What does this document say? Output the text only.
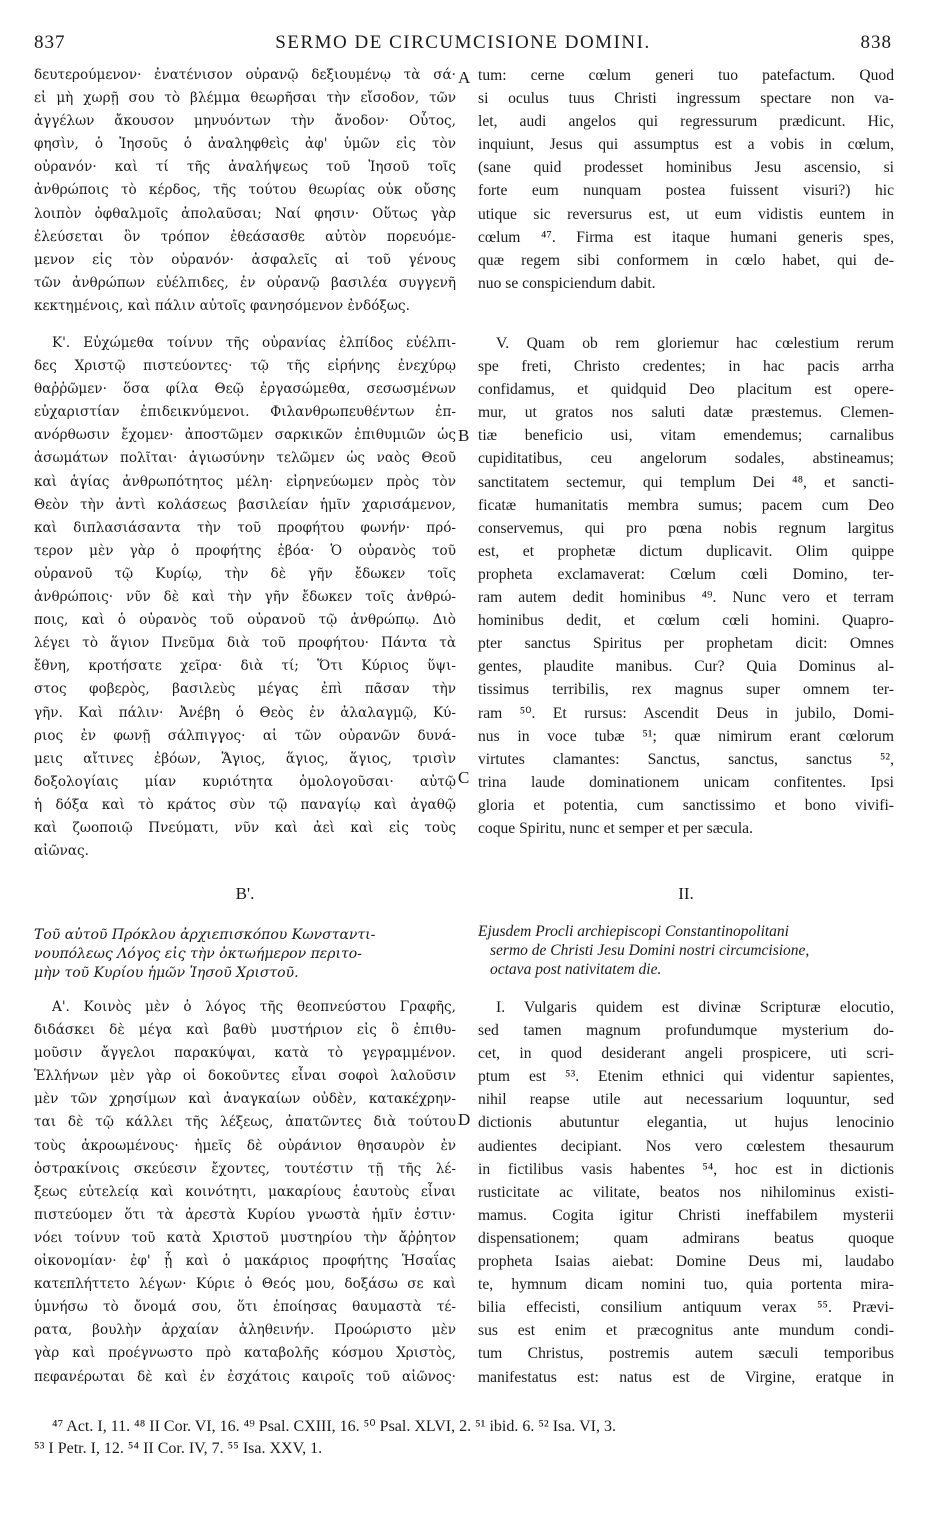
837	SERMO DE CIRCUMCISIONE DOMINI.	838
A
B
C
D
δευτερούμενον· ἐνατένισον οὐρανῷ δεξιουμένῳ τὰ σά·
εἰ μὴ χωρῇ σου τὸ βλέμμα θεωρῆσαι τὴν εἴσοδον, τῶν
ἀγγέλων ἄκουσον μηνυόντων τὴν ἄνοδον· Οὗτος,
φησὶν, ὁ Ἰησοῦς ὁ ἀναληφθεὶς ἀφ' ὑμῶν εἰς τὸν
οὐρανόν· καὶ τί τῆς ἀναλήψεως τοῦ Ἰησοῦ τοῖς
ἀνθρώποις τὸ κέρδος, τῆς τούτου θεωρίας οὐκ οὔσης
λοιπὸν ὀφθαλμοῖς ἀπολαῦσαι; Ναί φησιν· Οὕτως γὰρ
ἐλεύσεται ὃν τρόπον ἐθεάσασθε αὐτὸν πορευόμε-
μενον εἰς τὸν οὐρανόν· ἀσφαλεῖς αἱ τοῦ γένους
τῶν ἀνθρώπων εὐέλπιδες, ἐν οὐρανῷ βασιλέα συγγενῆ
κεκτημένοις, καὶ πάλιν αὐτοῖς φανησόμενον ἐνδόξως.
tum: cerne cœlum generi tuo patefactum. Quod
si oculus tuus Christi ingressum spectare non va-
let, audi angelos qui regressurum prædicunt. Hic,
inquiunt, Jesus qui assumptus est a vobis in cœlum,
(sane quid prodesset hominibus Jesu ascensio, si
forte eum nunquam postea fuissent visuri?) hic
utique sic reversurus est, ut eum vidistis euntem in
cœlum ⁴⁷. Firma est itaque humani generis spes,
quæ regem sibi conformem in cœlo habet, qui de-
nuo se conspiciendum dabit.
Κ'. Εὐχώμεθα τοίνυν τῆς οὐρανίας ἐλπίδος εὐέλπι-
δες Χριστῷ πιστεύοντες· τῷ τῆς εἰρήνης ἐνεχύρῳ
θαῤῥῶμεν· ὅσα φίλα Θεῷ ἐργασώμεθα, σεσωσμένων
εὐχαριστίαν ἐπιδεικνύμενοι. Φιλανθρωπευθέντων ἐπ-
ανόρθωσιν ἔχομεν· ἀποστῶμεν σαρκικῶν ἐπιθυμιῶν ὡς
ἀσωμάτων πολῖται· ἁγιωσύνην τελῶμεν ὡς ναὸς Θεοῦ
καὶ ἁγίας ἀνθρωπότητος μέλη· εἰρηνεύωμεν πρὸς τὸν
Θεὸν τὴν ἀντὶ κολάσεως βασιλείαν ἡμῖν χαρισάμενον,
καὶ διπλασιάσαντα τὴν τοῦ προφήτου φωνήν· πρό-
τερον μὲν γὰρ ὁ προφήτης ἐβόα· Ὁ οὐρανὸς τοῦ
οὐρανοῦ τῷ Κυρίῳ, τὴν δὲ γῆν ἔδωκεν τοῖς
ἀνθρώποις· νῦν δὲ καὶ τὴν γῆν ἔδωκεν τοῖς ἀνθρώ-
ποις, καὶ ὁ οὐρανὸς τοῦ οὐρανοῦ τῷ ἀνθρώπῳ. Διὸ
λέγει τὸ ἅγιον Πνεῦμα διὰ τοῦ προφήτου· Πάντα τὰ
ἔθνη, κροτήσατε χεῖρα· διὰ τί; Ὅτι Κύριος ὕψι-
στος φοβερὸς, βασιλεὺς μέγας ἐπὶ πᾶσαν τὴν
γῆν. Καὶ πάλιν· Ἀνέβη ὁ Θεὸς ἐν ἀλαλαγμῷ, Κύ-
ριος ἐν φωνῇ σάλπιγγος· αἱ τῶν οὐρανῶν δυνά-
μεις αἴτινες ἐβόων, Ἅγιος, ἅγιος, ἅγιος, τρισὶν
δοξολογίαις μίαν κυριότητα ὁμολογοῦσαι· αὐτῷ
ἡ δόξα καὶ τὸ κράτος σὺν τῷ παναγίῳ καὶ ἀγαθῷ
καὶ ζωοποιῷ Πνεύματι, νῦν καὶ ἀεὶ καὶ εἰς τοὺς
αἰῶνας.
V. Quam ob rem gloriemur hac cœlestium rerum
spe freti, Christo credentes; in hac pacis arrha
confidamus, et quidquid Deo placitum est opere-
mur, ut gratos nos saluti datæ præstemus. Clemen-
tiæ beneficio usi, vitam emendemus; carnalibus
cupiditatibus, ceu angelorum sodales, abstineamus;
sanctitatem sectemur, qui templum Dei ⁴⁸, et sancti-
ficatæ humanitatis membra sumus; pacem cum Deo
conservemus, qui pro pœna nobis regnum largitus
est, et prophetæ dictum duplicavit. Olim quippe
propheta exclamaverat: Cœlum cœli Domino, ter-
ram autem dedit hominibus ⁴⁹. Nunc vero et terram
hominibus dedit, et cœlum cœli homini. Quapro-
pter sanctus Spiritus per prophetam dicit: Omnes
gentes, plaudite manibus. Cur? Quia Dominus al-
tissimus terribilis, rex magnus super omnem ter-
ram ⁵⁰. Et rursus: Ascendit Deus in jubilo, Domi-
nus in voce tubæ ⁵¹; quæ nimirum erant cœlorum
virtutes clamantes: Sanctus, sanctus, sanctus ⁵²,
trina laude dominationem unicam confitentes. Ipsi
gloria et potentia, cum sanctissimo et bono vivifi-
coque Spiritu, nunc et semper et per sæcula.
Β'.	II.
Τοῦ αὐτοῦ Πρόκλου ἀρχιεπισκόπου Κωνσταντι-
νουπόλεως Λόγος εἰς τὴν ὀκτωήμερον περιτο-
μὴν τοῦ Κυρίου ἡμῶν Ἰησοῦ Χριστοῦ.
Ejusdem Procli archiepiscopi Constantinopolitani
sermo de Christi Jesu Domini nostri circumcisione,
octava post nativitatem die.
Α'. Κοινὸς μὲν ὁ λόγος τῆς θεοπνεύστου Γραφῆς,
διδάσκει δὲ μέγα καὶ βαθὺ μυστήριον εἰς ὃ ἐπιθυ-
μοῦσιν ἄγγελοι παρακύψαι, κατὰ τὸ γεγραμμένον.
Ἑλλήνων μὲν γὰρ οἱ δοκοῦντες εἶναι σοφοὶ λαλοῦσιν
μὲν τῶν χρησίμων καὶ ἀναγκαίων οὐδὲν, κατακέχρην-
ται δὲ τῷ κάλλει τῆς λέξεως, ἀπατῶντες διὰ τούτου
τοὺς ἀκροωμένους· ἡμεῖς δὲ οὐράνιον θησαυρὸν ἐν
ὀστρακίνοις σκεύεσιν ἔχοντες, τουτέστιν τῇ τῆς λέ-
ξεως εὐτελείᾳ καὶ κοινότητι, μακαρίους ἑαυτοὺς εἶναι
πιστεύομεν ὅτι τὰ ἀρεστὰ Κυρίου γνωστὰ ἡμῖν ἐστιν·
νόει τοίνυν τοῦ κατὰ Χριστοῦ μυστηρίου τὴν ἄῤῥητον
οἰκονομίαν· ἐφ' ᾗ καὶ ὁ μακάριος προφήτης Ἡσαΐας
κατεπλήττετο λέγων· Κύριε ὁ Θεός μου, δοξάσω σε καὶ
ὑμνήσω τὸ ὄνομά σου, ὅτι ἐποίησας θαυμαστὰ τέ-
ρατα, βουλὴν ἀρχαίαν ἀληθεινήν. Προώριστο μὲν
γὰρ καὶ προέγνωστο πρὸ καταβολῆς κόσμου Χριστὸς,
πεφανέρωται δὲ καὶ ἐν ἐσχάτοις καιροῖς τοῦ αἰῶνος·
I. Vulgaris quidem est divinæ Scripturæ elocutio,
sed tamen magnum profundumque mysterium do-
cet, in quod desiderant angeli prospicere, uti scri-
ptum est ⁵³. Etenim ethnici qui videntur sapientes,
nihil reapse utile aut necessarium loquuntur, sed
dictionis abutuntur elegantia, ut hujus lenocinio
audientes decipiant. Nos vero cœlestem thesaurum
in fictilibus vasis habentes ⁵⁴, hoc est in dictionis
rusticitate ac vilitate, beatos nos nihilominus existi-
mamus. Cogita igitur Christi ineffabilem mysterii
dispensationem; quam admirans beatus quoque
propheta Isaias aiebat: Domine Deus mi, laudabo
te, hymnum dicam nomini tuo, quia portenta mira-
bilia effecisti, consilium antiquum verax ⁵⁵. Prævi-
sus est enim et præcognitus ante mundum condi-
tum Christus, postremis autem sæculi temporibus
manifestatus est: natus est de Virgine, eratque in
⁴⁷ Act. I, 11. ⁴⁸ II Cor. VI, 16. ⁴⁹ Psal. CXIII, 16. ⁵⁰ Psal. XLVI, 2. ⁵¹ ibid. 6. ⁵² Isa. VI, 3.
⁵³ I Petr. I, 12. ⁵⁴ II Cor. IV, 7. ⁵⁵ Isa. XXV, 1.
